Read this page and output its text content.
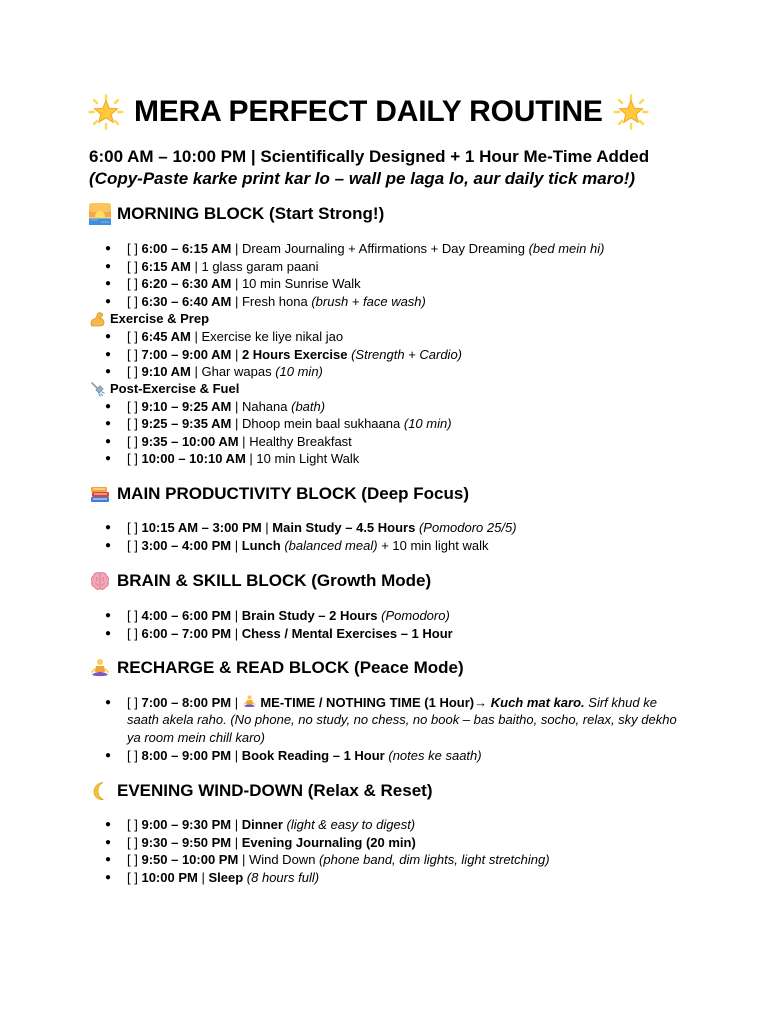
MERA PERFECT DAILY ROUTINE
6:00 AM – 10:00 PM | Scientifically Designed + 1 Hour Me-Time Added
(Copy-Paste karke print kar lo – wall pe laga lo, aur daily tick maro!)
MORNING BLOCK (Start Strong!)
● [ ] 6:00 – 6:15 AM | Dream Journaling + Affirmations + Day Dreaming (bed mein hi)
● [ ] 6:15 AM | 1 glass garam paani
● [ ] 6:20 – 6:30 AM | 10 min Sunrise Walk
● [ ] 6:30 – 6:40 AM | Fresh hona (brush + face wash)
Exercise & Prep
● [ ] 6:45 AM | Exercise ke liye nikal jao
● [ ] 7:00 – 9:00 AM | 2 Hours Exercise (Strength + Cardio)
● [ ] 9:10 AM | Ghar wapas (10 min)
Post-Exercise & Fuel
● [ ] 9:10 – 9:25 AM | Nahana (bath)
● [ ] 9:25 – 9:35 AM | Dhoop mein baal sukhaana (10 min)
● [ ] 9:35 – 10:00 AM | Healthy Breakfast
● [ ] 10:00 – 10:10 AM | 10 min Light Walk
MAIN PRODUCTIVITY BLOCK (Deep Focus)
● [ ] 10:15 AM – 3:00 PM | Main Study – 4.5 Hours (Pomodoro 25/5)
● [ ] 3:00 – 4:00 PM | Lunch (balanced meal) + 10 min light walk
BRAIN & SKILL BLOCK (Growth Mode)
● [ ] 4:00 – 6:00 PM | Brain Study – 2 Hours (Pomodoro)
● [ ] 6:00 – 7:00 PM | Chess / Mental Exercises – 1 Hour
RECHARGE & READ BLOCK (Peace Mode)
● [ ] 7:00 – 8:00 PM | ME-TIME / NOTHING TIME (1 Hour)→ Kuch mat karo. Sirf khud ke saath akela raho. (No phone, no study, no chess, no book – bas baitho, socho, relax, sky dekho ya room mein chill karo)
● [ ] 8:00 – 9:00 PM | Book Reading – 1 Hour (notes ke saath)
EVENING WIND-DOWN (Relax & Reset)
● [ ] 9:00 – 9:30 PM | Dinner (light & easy to digest)
● [ ] 9:30 – 9:50 PM | Evening Journaling (20 min)
● [ ] 9:50 – 10:00 PM | Wind Down (phone band, dim lights, light stretching)
● [ ] 10:00 PM | Sleep (8 hours full)
